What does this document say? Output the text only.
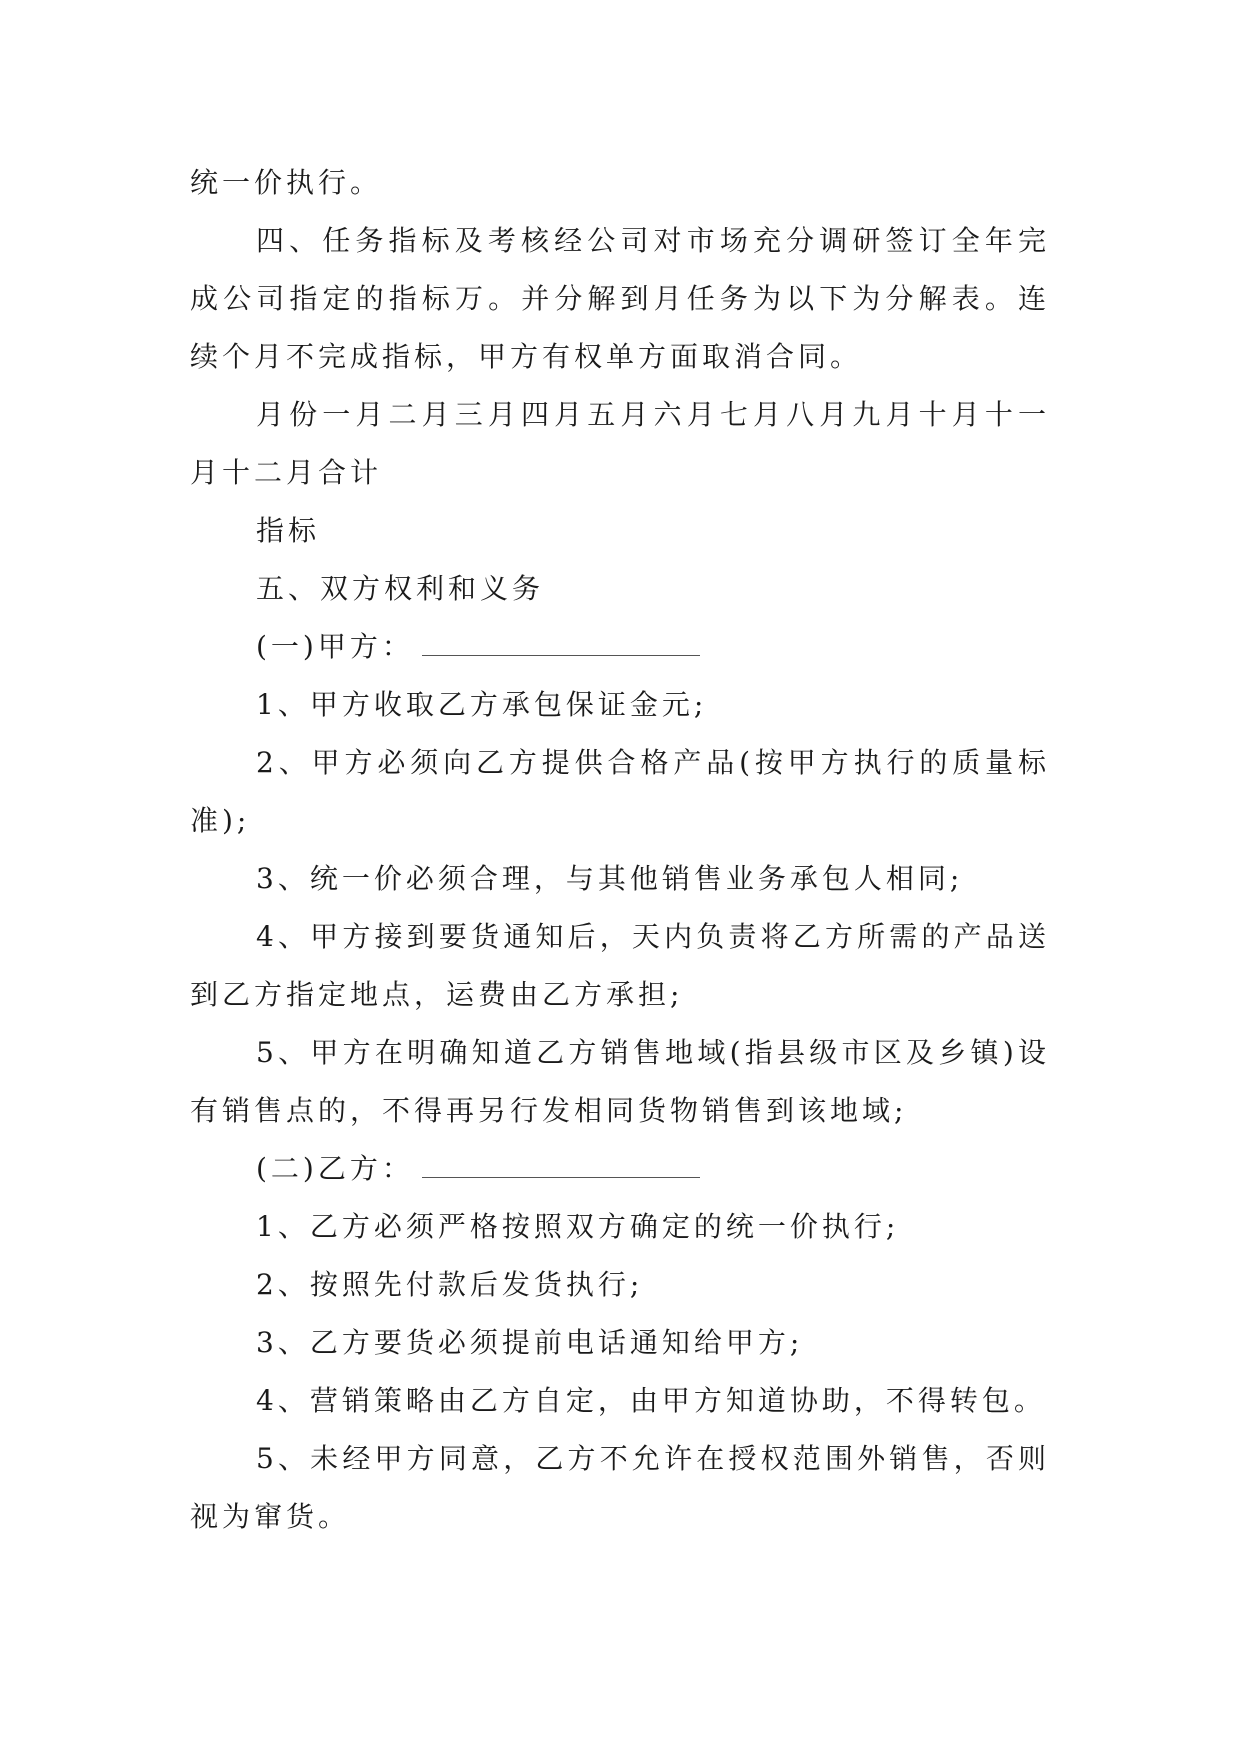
统一价执行。

四、任务指标及考核经公司对市场充分调研签订全年完成公司指定的指标万。并分解到月任务为以下为分解表。连续个月不完成指标，甲方有权单方面取消合同。

月份一月二月三月四月五月六月七月八月九月十月十一月十二月合计

指标

五、双方权利和义务

(一)甲方：

1、甲方收取乙方承包保证金元;

2、甲方必须向乙方提供合格产品(按甲方执行的质量标准);

3、统一价必须合理，与其他销售业务承包人相同;

4、甲方接到要货通知后，天内负责将乙方所需的产品送到乙方指定地点，运费由乙方承担;

5、甲方在明确知道乙方销售地域(指县级市区及乡镇)设有销售点的，不得再另行发相同货物销售到该地域;

(二)乙方：

1、乙方必须严格按照双方确定的统一价执行;

2、按照先付款后发货执行;

3、乙方要货必须提前电话通知给甲方;

4、营销策略由乙方自定，由甲方知道协助，不得转包。

5、未经甲方同意，乙方不允许在授权范围外销售，否则视为窜货。
